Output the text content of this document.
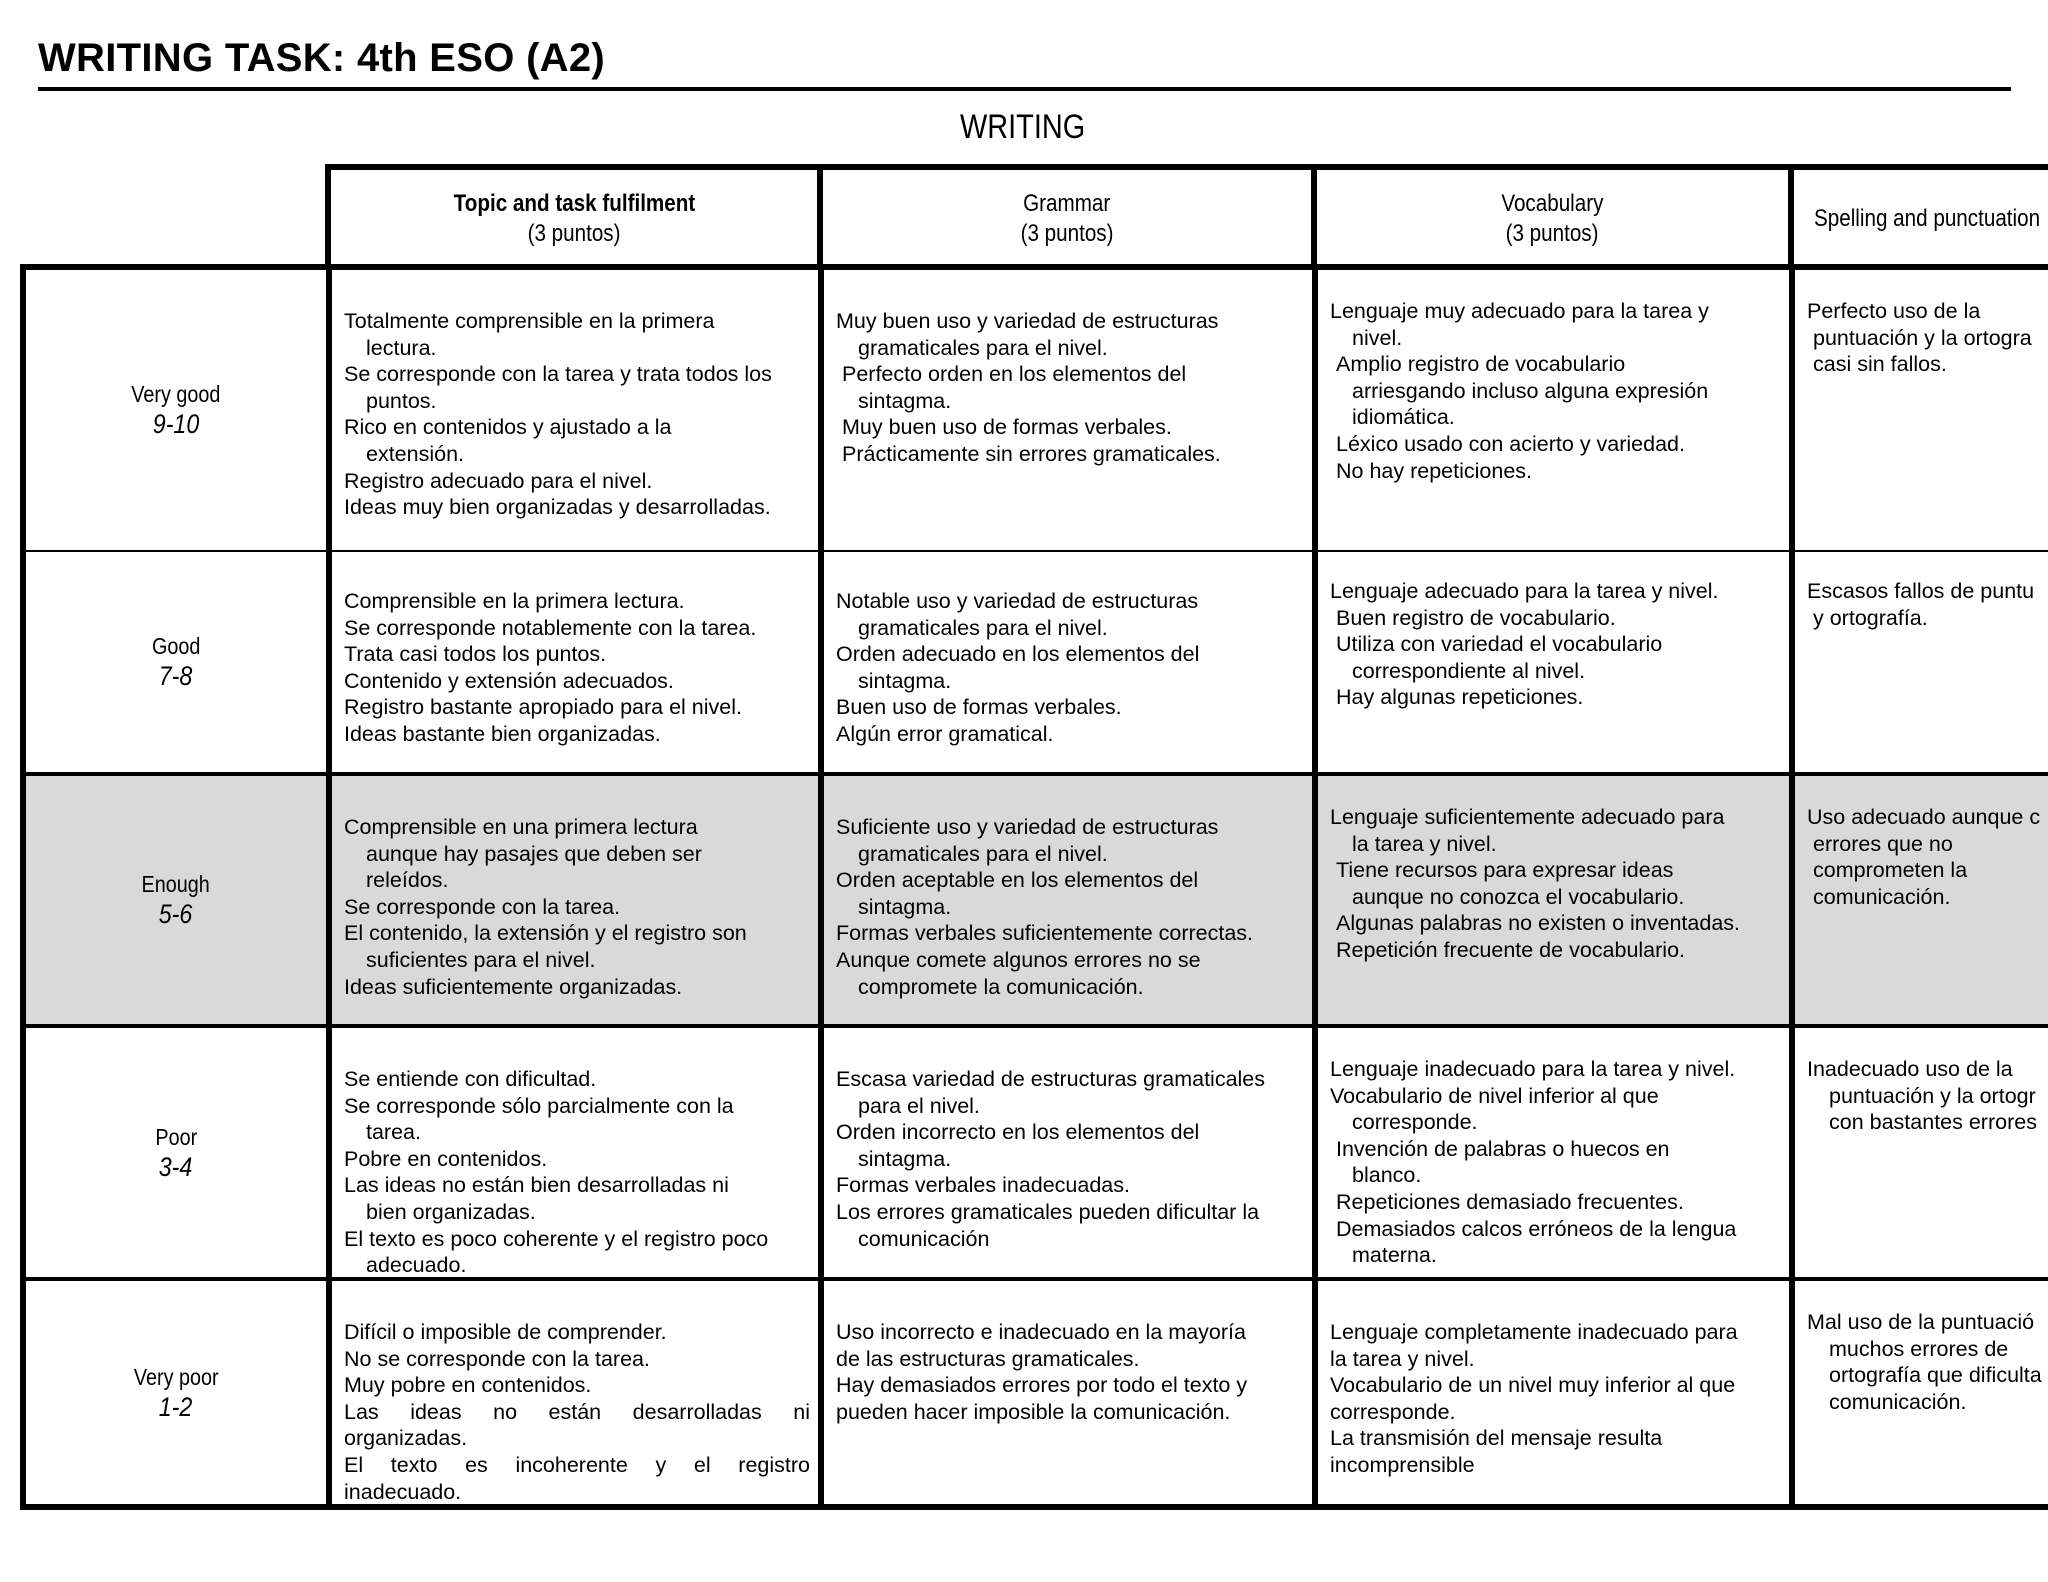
WRITING TASK: 4th ESO (A2)
WRITING
Topic and task fulfilment
(3 puntos)
Grammar
(3 puntos)
Vocabulary
(3 puntos)
Spelling and punctuation
Very good
9-10
Totalmente comprensible en la primera
lectura.
Se corresponde con la tarea y trata todos los
puntos.
Rico en contenidos y ajustado a la
extensión.
Registro adecuado para el nivel.
Ideas muy bien organizadas y desarrolladas.
Muy buen uso y variedad de estructuras
gramaticales para el nivel.
Perfecto orden en los elementos del
sintagma.
Muy buen uso de formas verbales.
Prácticamente sin errores gramaticales.
Lenguaje muy adecuado para la tarea y
nivel.
Amplio registro de vocabulario
arriesgando incluso alguna expresión
idiomática.
Léxico usado con acierto y variedad.
No hay repeticiones.
Perfecto uso de la
puntuación y la ortogra
casi sin fallos.
Good
7-8
Comprensible en la primera lectura.
Se corresponde notablemente con la tarea.
Trata casi todos los puntos.
Contenido y extensión adecuados.
Registro bastante apropiado para el nivel.
Ideas bastante bien organizadas.
Notable uso y variedad de estructuras
gramaticales para el nivel.
Orden adecuado en los elementos del
sintagma.
Buen uso de formas verbales.
Algún error gramatical.
Lenguaje adecuado para la tarea y nivel.
Buen registro de vocabulario.
Utiliza con variedad el vocabulario
correspondiente al nivel.
Hay algunas repeticiones.
Escasos fallos de puntu
y ortografía.
Enough
5-6
Comprensible en una primera lectura
aunque hay pasajes que deben ser
releídos.
Se corresponde con la tarea.
El contenido, la extensión y el registro son
suficientes para el nivel.
Ideas suficientemente organizadas.
Suficiente uso y variedad de estructuras
gramaticales para el nivel.
Orden aceptable en los elementos del
sintagma.
Formas verbales suficientemente correctas.
Aunque comete algunos errores no se
compromete la comunicación.
Lenguaje suficientemente adecuado para
la tarea y nivel.
Tiene recursos para expresar ideas
aunque no conozca el vocabulario.
Algunas palabras no existen o inventadas.
Repetición frecuente de vocabulario.
Uso adecuado aunque c
errores que no
comprometen la
comunicación.
Poor
3-4
Se entiende con dificultad.
Se corresponde sólo parcialmente con la
tarea.
Pobre en contenidos.
Las ideas no están bien desarrolladas ni
bien organizadas.
El texto es poco coherente y el registro poco
adecuado.
Escasa variedad de estructuras gramaticales
para el nivel.
Orden incorrecto en los elementos del
sintagma.
Formas verbales inadecuadas.
Los errores gramaticales pueden dificultar la
comunicación
Lenguaje inadecuado para la tarea y nivel.
Vocabulario de nivel inferior al que
corresponde.
Invención de palabras o huecos en
blanco.
Repeticiones demasiado frecuentes.
Demasiados calcos erróneos de la lengua
materna.
Inadecuado uso de la
puntuación y la ortogr
con bastantes errores
Very poor
1-2
Difícil o imposible de comprender.
No se corresponde con la tarea.
Muy pobre en contenidos.
Las ideas no están desarrolladas ni
organizadas.
El texto es incoherente y el registro
inadecuado.
Uso incorrecto e inadecuado en la mayoría
de las estructuras gramaticales.
Hay demasiados errores por todo el texto y
pueden hacer imposible la comunicación.
Lenguaje completamente inadecuado para
la tarea y nivel.
Vocabulario de un nivel muy inferior al que
corresponde.
La transmisión del mensaje resulta
incomprensible
Mal uso de la puntuació
muchos errores de
ortografía que dificulta
comunicación.
